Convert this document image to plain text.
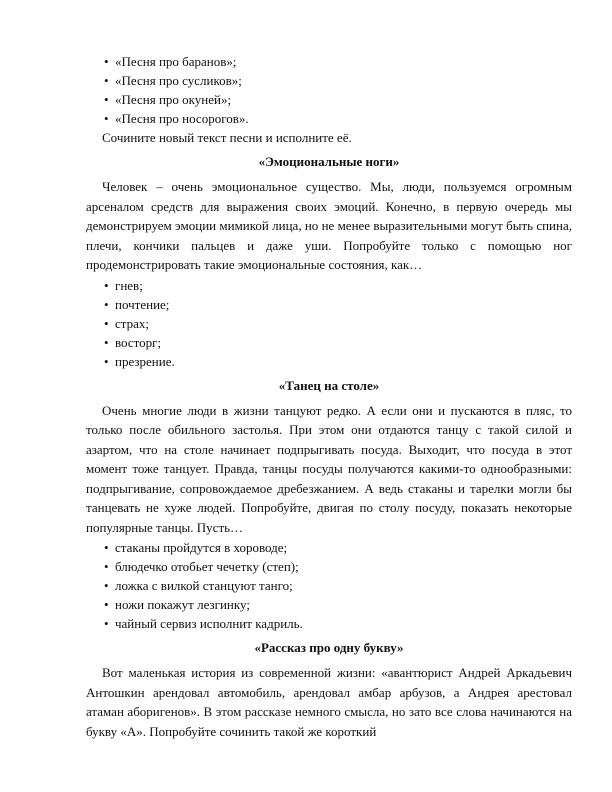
• «Песня про баранов»;
• «Песня про сусликов»;
• «Песня про окуней»;
• «Песня про носорогов».

Сочините новый текст песни и исполните её.

«Эмоциональные ноги»

Человек – очень эмоциональное существо. Мы, люди, пользуемся огромным арсеналом средств для выражения своих эмоций. Конечно, в первую очередь мы демонстрируем эмоции мимикой лица, но не менее выразительными могут быть спина, плечи, кончики пальцев и даже уши. Попробуйте только с помощью ног продемонстрировать такие эмоциональные состояния, как…

• гнев;
• почтение;
• страх;
• восторг;
• презрение.
«Танец на столе»

Очень многие люди в жизни танцуют редко. А если они и пускаются в пляс, то только после обильного застолья. При этом они отдаются танцу с такой силой и азартом, что на столе начинает подпрыгивать посуда. Выходит, что посуда в этот момент тоже танцует. Правда, танцы посуды получаются какими-то однообразными: подпрыгивание, сопровождаемое дребезжанием. А ведь стаканы и тарелки могли бы танцевать не хуже людей. Попробуйте, двигая по столу посуду, показать некоторые популярные танцы. Пусть…

• стаканы пройдутся в хороводе;
• блюдечко отобьет чечетку (степ);
• ложка с вилкой станцуют танго;
• ножи покажут лезгинку;
• чайный сервиз исполнит кадриль.
«Рассказ про одну букву»

Вот маленькая история из современной жизни: «авантюрист Андрей Аркадьевич Антошкин арендовал автомобиль, арендовал амбар арбузов, а Андрея арестовал атаман аборигенов». В этом рассказе немного смысла, но зато все слова начинаются на букву «А». Попробуйте сочинить такой же короткий
